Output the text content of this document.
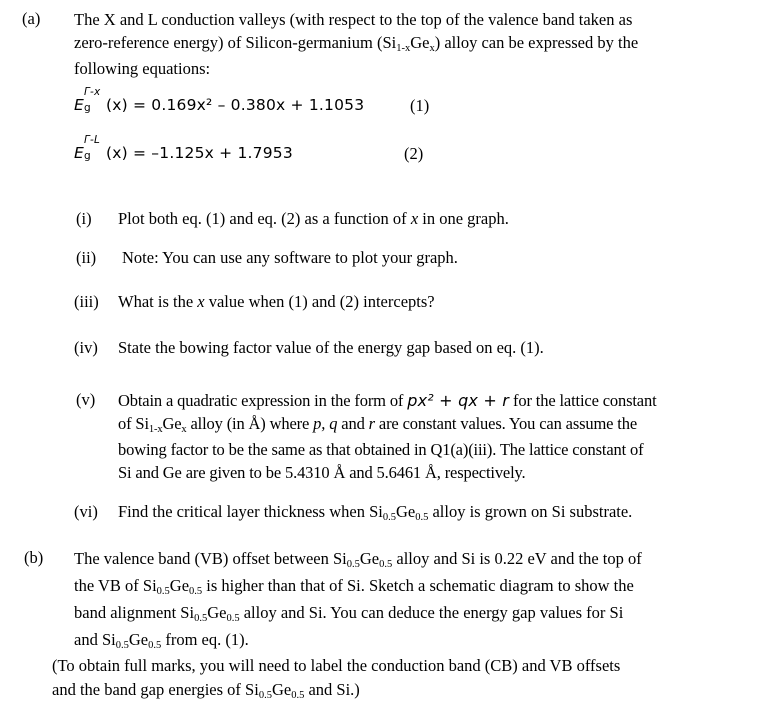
(a) The X and L conduction valleys (with respect to the top of the valence band taken as
zero-reference energy) of Silicon-germanium (Si1-xGex) alloy can be expressed by the
following equations:
E
Γ-x
g (x) = 0.169x² – 0.380x + 1.1053	(1)
E
Γ-L
g (x) = –1.125x + 1.7953	(2)
(i) Plot both eq. (1) and eq. (2) as a function of x in one graph.
(ii) Note: You can use any software to plot your graph.
(iii) What is the x value when (1) and (2) intercepts?
(iv) State the bowing factor value of the energy gap based on eq. (1).
(v) Obtain a quadratic expression in the form of px² + qx + r for the lattice constant
of Si1-xGex alloy (in Å) where p, q and r are constant values. You can assume the
bowing factor to be the same as that obtained in Q1(a)(iii). The lattice constant of
Si and Ge are given to be 5.4310 Å and 5.6461 Å, respectively.
(vi) Find the critical layer thickness when Si0.5Ge0.5 alloy is grown on Si substrate.
(b) The valence band (VB) offset between Si0.5Ge0.5 alloy and Si is 0.22 eV and the top of
the VB of Si0.5Ge0.5 is higher than that of Si. Sketch a schematic diagram to show the
band alignment Si0.5Ge0.5 alloy and Si. You can deduce the energy gap values for Si
and Si0.5Ge0.5 from eq. (1).
(To obtain full marks, you will need to label the conduction band (CB) and VB offsets
and the band gap energies of Si0.5Ge0.5 and Si.)
